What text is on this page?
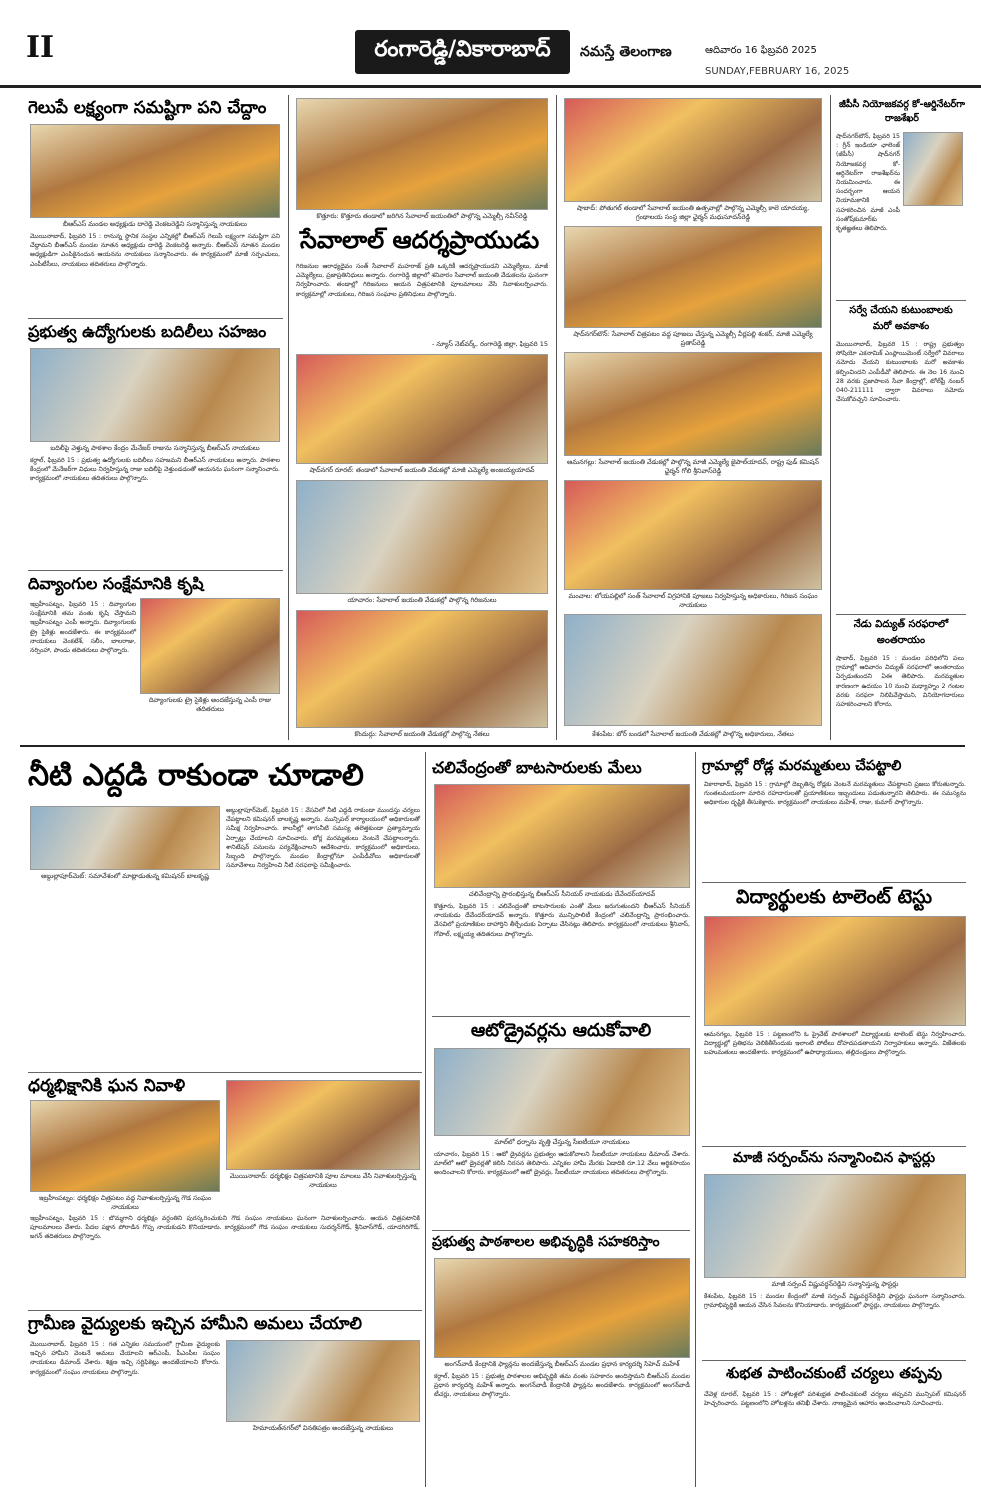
II	రంగారెడ్డి/వికారాబాద్	నమస్తే తెలంగాణ	ఆదివారం 16 ఫిబ్రవరి 2025
SUNDAY,FEBRUARY 16, 2025
గెలుపే లక్ష్యంగా సమష్టిగా పని చేద్దాం
బీఆర్ఎస్ మండల అధ్యక్షుడు దారెడ్డి వెంకటరెడ్డిని సన్మానిస్తున్న నాయకులు
మొయినాబాద్, ఫిబ్రవరి 15 : రానున్న స్థానిక సంస్థల ఎన్నికల్లో బీఆర్ఎస్ గెలుపే లక్ష్యంగా సమష్టిగా పని చేద్దామని బీఆర్ఎస్ మండల నూతన అధ్యక్షుడు దారెడ్డి వెంకటరెడ్డి అన్నారు. బీఆర్ఎస్ నూతన మండల అధ్యక్షుడిగా ఎంపికైనందున ఆయనను నాయకులు సన్మానించారు. ఈ కార్యక్రమంలో మాజీ సర్పంచులు, ఎంపీటీసీలు, నాయకులు తదితరులు పాల్గొన్నారు.
ప్రభుత్వ ఉద్యోగులకు బదిలీలు సహజం
బదిలీపై వెళ్తున్న పాఠశాల కేంద్రం మేనేజర్ రాజును సన్మానిస్తున్న బీఆర్ఎస్ నాయకులు
కర్ధాల్, ఫిబ్రవరి 15 : ప్రభుత్వ ఉద్యోగులకు బదిలీలు సహజమని బీఆర్ఎస్ నాయకులు అన్నారు. పాఠశాల కేంద్రంలో మేనేజర్‌గా విధులు నిర్వహిస్తున్న రాజు బదిలీపై వెళ్తుండడంతో ఆయనను ఘనంగా సన్మానించారు. కార్యక్రమంలో నాయకులు తదితరులు పాల్గొన్నారు.
దివ్యాంగుల సంక్షేమానికి కృషి
దివ్యాంగులకు ట్రై సైకిళ్లు అందజేస్తున్న ఎంపీ రాజు తదితరులు
ఇబ్రహీంపట్నం, ఫిబ్రవరి 15 : దివ్యాంగుల సంక్షేమానికి తమ వంతు కృషి చేస్తామని ఇబ్రహీంపట్నం ఎంపీ అన్నారు. దివ్యాంగులకు ట్రై సైకిళ్లు అందజేశారు. ఈ కార్యక్రమంలో నాయకులు వెంకటేశ్, సలీం, బాలరాజు, నర్సింహా, పాండు తదితరులు పాల్గొన్నారు.
కొత్తూరు: కొత్తూరు తండాలో జరిగిన సేవాలాల్ జయంతిలో పాల్గొన్న ఎమ్మెల్సీ నవీన్‌రెడ్డి
సేవాలాల్ ఆదర్శప్రాయుడు
గిరిజనుల ఆరాధ్యదైవం సంత్ సేవాలాల్ మహరాజ్ ప్రతి ఒక్కరికీ ఆదర్శప్రాయుడని ఎమ్మెల్యేలు, మాజీ ఎమ్మెల్యేలు, ప్రజాప్రతినిధులు అన్నారు. రంగారెడ్డి జిల్లాలో శనివారం సేవాలాల్ జయంతి వేడుకలను ఘనంగా నిర్వహించారు. తండాల్లో గిరిజనులు ఆయన చిత్రపటానికి పూలమాలలు వేసి నివాళులర్పించారు. కార్యక్రమాల్లో నాయకులు, గిరిజన సంఘాల ప్రతినిధులు పాల్గొన్నారు.
- న్యూస్ నెట్‌వర్క్, రంగారెడ్డి జిల్లా, ఫిబ్రవరి 15
షాద్‌నగర్ రూరల్: తండాలో సేవాలాల్ జయంతి వేడుకల్లో మాజీ ఎమ్మెల్యే అంజయ్యయాదవ్
యాచారం: సేవాలాల్ జయంతి వేడుకల్లో పాల్గొన్న గిరిజనులు
కొందుర్గు: సేవాలాల్ జయంతి వేడుకల్లో పాల్గొన్న నేతలు
షాబాద్: పోతుగల్ తండాలో సేవాలాల్ జయంతి ఉత్సవాల్లో పాల్గొన్న ఎమ్మెల్సీ కాలె యాదయ్య, గ్రంథాలయ సంస్థ జిల్లా ఛైర్మన్ మధుసూదన్‌రెడ్డి
షాద్‌నగర్‌టౌన్: సేవాలాల్ చిత్రపటం వద్ద పూజలు చేస్తున్న ఎమ్మెల్సీ వీర్లపల్లి శంకర్, మాజీ ఎమ్మెల్యే ప్రతాప్‌రెడ్డి
ఆమనగల్లు: సేవాలాల్ జయంతి వేడుకల్లో పాల్గొన్న మాజీ ఎమ్మెల్యే జైపాల్‌యాదవ్, రాష్ట్ర ఫుడ్ కమిషన్ ఛైర్మన్ గోలి శ్రీనివాస్‌రెడ్డి
మంచాల: లోయపల్లిలో సంత్ సేవాలాల్ విగ్రహానికి పూజలు నిర్వహిస్తున్న అధికారులు, గిరిజన సంఘం నాయకులు
కేశంపేట: బోర్ బండలో సేవాలాల్ జయంతి వేడుకల్లో పాల్గొన్న అధికారులు, నేతలు
జీపీసీ నియోజకవర్గ కో-ఆర్డినేటర్‌గా రాజశేఖర్
షాద్‌నగర్‌టౌన్, ఫిబ్రవరి 15 : గ్రీన్ ఇండియా ఛాలెంజ్ (జీపీసీ) షాద్‌నగర్ నియోజకవర్గ కో-ఆర్డినేటర్‌గా రాజశేఖర్‌ను నియమించారు. ఈ సందర్భంగా ఆయన నియామకానికి సహకరించిన మాజీ ఎంపీ సంతోష్‌కుమార్‌కు కృతజ్ఞతలు తెలిపారు.
సర్వే చేయని కుటుంబాలకు
మరో అవకాశం
మొయినాబాద్, ఫిబ్రవరి 15 : రాష్ట్ర ప్రభుత్వం సోషియో ఎకనామిక్ ఎంప్లాయిమెంట్ సర్వేలో వివరాలు నమోదు చేయని కుటుంబాలకు మరో అవకాశం కల్పించిందని ఎంపీడీవో తెలిపారు. ఈ నెల 16 నుంచి 28 వరకు ప్రజాపాలన సేవా కేంద్రాల్లో, టోల్‌ఫ్రీ నంబర్ 040-211111 ద్వారా వివరాలు నమోదు చేసుకోవచ్చని సూచించారు.
నేడు విద్యుత్ సరఫరాలో
అంతరాయం
షాబాద్, ఫిబ్రవరి 15 : మండల పరిధిలోని పలు గ్రామాల్లో ఆదివారం విద్యుత్ సరఫరాలో అంతరాయం ఏర్పడుతుందని ఏఈ తెలిపారు. మరమ్మతుల కారణంగా ఉదయం 10 నుంచి మధ్యాహ్నం 2 గంటల వరకు సరఫరా నిలిపివేస్తామని, వినియోగదారులు సహకరించాలని కోరారు.
నీటి ఎద్దడి రాకుండా చూడాలి
అబ్దుల్లాపూర్‌మెట్: సమావేశంలో మాట్లాడుతున్న కమిషనర్ బాలకృష్ణ
అబ్దుల్లాపూర్‌మెట్, ఫిబ్రవరి 15 : వేసవిలో నీటి ఎద్దడి రాకుండా ముందస్తు చర్యలు చేపట్టాలని కమిషనర్ బాలకృష్ణ అన్నారు. మున్సిపల్ కార్యాలయంలో అధికారులతో సమీక్ష నిర్వహించారు. కాలనీల్లో తాగునీటి సమస్య తలెత్తకుండా ప్రత్యామ్నాయ ఏర్పాట్లు చేయాలని సూచించారు. బోర్ల మరమ్మతులు వెంటనే చేపట్టాలన్నారు. శానిటేషన్ పనులను పర్యవేక్షించాలని ఆదేశించారు. కార్యక్రమంలో అధికారులు, సిబ్బంది పాల్గొన్నారు. మండల కేంద్రాల్లోనూ ఎంపీడీవోలు అధికారులతో సమావేశాలు నిర్వహించి నీటి సరఫరాపై సమీక్షించారు.
ధర్మభిక్షానికి ఘన నివాళి
ఇబ్రహీంపట్నం: ధర్మభిక్షం చిత్రపటం వద్ద నివాళులర్పిస్తున్న గౌడ సంఘం నాయకులు
మొయినాబాద్: ధర్మభిక్షం చిత్రపటానికి పూల మాలలు వేసి నివాళులర్పిస్తున్న నాయకులు
ఇబ్రహీంపట్నం, ఫిబ్రవరి 15 : బొమ్మగాని ధర్మభిక్షం వర్ధంతిని పురస్కరించుకుని గౌడ సంఘం నాయకులు ఘనంగా నివాళులర్పించారు. ఆయన చిత్రపటానికి పూలమాలలు వేశారు. పేదల పక్షాన పోరాడిన గొప్ప నాయకుడని కొనియాడారు. కార్యక్రమంలో గౌడ సంఘం నాయకులు సుదర్శన్‌గౌడ్, శ్రీనివాస్‌గౌడ్, యాదగిరిగౌడ్, జగన్ తదితరులు పాల్గొన్నారు.
గ్రామీణ వైద్యులకు ఇచ్చిన హామీని అమలు చేయాలి
హిమాయత్‌నగర్‌లో వినతిపత్రం అందజేస్తున్న నాయకులు
మొయినాబాద్, ఫిబ్రవరి 15 : గత ఎన్నికల సమయంలో గ్రామీణ వైద్యులకు ఇచ్చిన హామీని వెంటనే అమలు చేయాలని ఆర్ఎంపీ, పీఎంపీల సంఘం నాయకులు డిమాండ్ చేశారు. శిక్షణ ఇచ్చి సర్టిఫికెట్లు అందజేయాలని కోరారు. కార్యక్రమంలో సంఘం నాయకులు పాల్గొన్నారు.
చలివేంద్రంతో బాటసారులకు మేలు
చలివేంద్రాన్ని ప్రారంభిస్తున్న బీఆర్ఎస్ సీనియర్ నాయకుడు దేవేందర్‌యాదవ్
కొత్తూరు, ఫిబ్రవరి 15 : చలివేంద్రంతో బాటసారులకు ఎంతో మేలు జరుగుతుందని బీఆర్ఎస్ సీనియర్ నాయకుడు దేవేందర్‌యాదవ్ అన్నారు. కొత్తూరు మున్సిపాలిటీ కేంద్రంలో చలివేంద్రాన్ని ప్రారంభించారు. వేసవిలో ప్రయాణికుల దాహార్తిని తీర్చేందుకు ఏర్పాటు చేసినట్లు తెలిపారు. కార్యక్రమంలో నాయకులు శ్రీనివాస్, గోపాల్, లక్ష్మయ్య తదితరులు పాల్గొన్నారు.
ఆటోడ్రైవర్లను ఆదుకోవాలి
మాల్‌లో ధర్నాను వృత్తి చేస్తున్న సీఐటీయూ నాయకులు
యాచారం, ఫిబ్రవరి 15 : ఆటో డ్రైవర్లను ప్రభుత్వం ఆదుకోవాలని సీఐటీయూ నాయకులు డిమాండ్ చేశారు. మాల్‌లో ఆటో డ్రైవర్లతో కలిసి నిరసన తెలిపారు. ఎన్నికల హామీ మేరకు ఏడాదికి రూ.12 వేలు ఆర్థికసాయం అందించాలని కోరారు. కార్యక్రమంలో ఆటో డ్రైవర్లు, సీఐటీయూ నాయకులు తదితరులు పాల్గొన్నారు.
ప్రభుత్వ పాఠశాలల అభివృద్ధికి సహకరిస్తాం
అంగన్‌వాడీ కేంద్రానికి ఫ్యాన్లను అందజేస్తున్న బీఆర్ఎస్ మండల ప్రధాన కార్యదర్శి సిహెచ్ మహేశ్
కర్ధాల్, ఫిబ్రవరి 15 : ప్రభుత్వ పాఠశాలల అభివృద్ధికి తమ వంతు సహకారం అందిస్తామని బీఆర్ఎస్ మండల ప్రధాన కార్యదర్శి మహేశ్ అన్నారు. అంగన్‌వాడీ కేంద్రానికి ఫ్యాన్లను అందజేశారు. కార్యక్రమంలో అంగన్‌వాడీ టీచర్లు, నాయకులు పాల్గొన్నారు.
గ్రామాల్లో రోడ్ల మరమ్మతులు చేపట్టాలి
వికారాబాద్, ఫిబ్రవరి 15 : గ్రామాల్లో దెబ్బతిన్న రోడ్లకు వెంటనే మరమ్మతులు చేపట్టాలని ప్రజలు కోరుతున్నారు. గుంతలమయంగా మారిన రహదారులతో ప్రయాణికులు ఇబ్బందులు పడుతున్నారని తెలిపారు. ఈ సమస్యను అధికారుల దృష్టికి తీసుకెళ్లారు. కార్యక్రమంలో నాయకులు మహేశ్, రాజు, కుమార్ పాల్గొన్నారు.
విద్యార్థులకు టాలెంట్ టెస్టు
ఆమనగల్లు, ఫిబ్రవరి 15 : పట్టణంలోని ఓ ప్రైవేట్ పాఠశాలలో విద్యార్థులకు టాలెంట్ టెస్టు నిర్వహించారు. విద్యార్థుల్లో ప్రతిభను వెలికితీసేందుకు ఇలాంటి పోటీలు దోహదపడతాయని నిర్వాహకులు అన్నారు. విజేతలకు బహుమతులు అందజేశారు. కార్యక్రమంలో ఉపాధ్యాయులు, తల్లిదండ్రులు పాల్గొన్నారు.
మాజీ సర్పంచ్‌ను సన్మానించిన ఫాస్టర్లు
మాజీ సర్పంచ్ విష్ణువర్ధన్‌రెడ్డిని సన్మానిస్తున్న ఫాస్టర్లు
కేశంపేట, ఫిబ్రవరి 15 : మండల కేంద్రంలో మాజీ సర్పంచ్ విష్ణువర్ధన్‌రెడ్డిని ఫాస్టర్లు ఘనంగా సన్మానించారు. గ్రామాభివృద్ధికి ఆయన చేసిన సేవలను కొనియాడారు. కార్యక్రమంలో ఫాస్టర్లు, నాయకులు పాల్గొన్నారు.
శుభత పాటించకుంటే చర్యలు తప్పవు
చేవెళ్ల రూరల్, ఫిబ్రవరి 15 : హోటళ్లలో పరిశుభ్రత పాటించకుంటే చర్యలు తప్పవని మున్సిపల్ కమిషనర్ హెచ్చరించారు. పట్టణంలోని హోటళ్లను తనిఖీ చేశారు. నాణ్యమైన ఆహారం అందించాలని సూచించారు.
